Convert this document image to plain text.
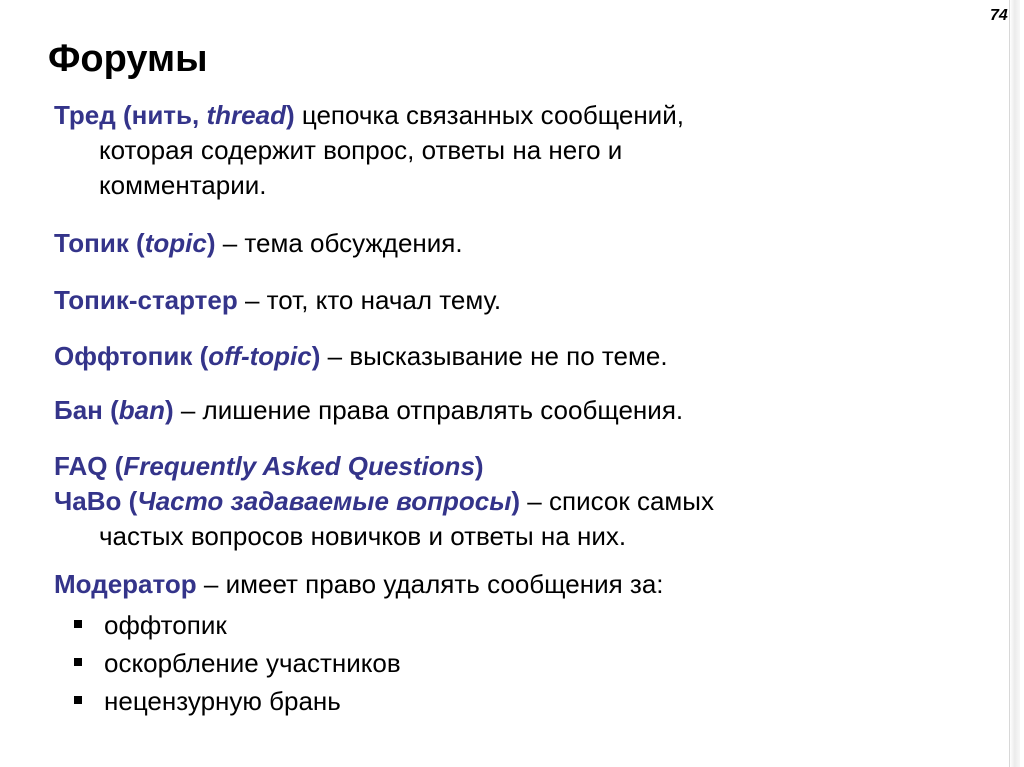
74
Форумы
Тред (нить, thread) цепочка связанных сообщений,
которая содержит вопрос, ответы на него и
комментарии.
Топик (topic) – тема обсуждения.
Топик-стартер – тот, кто начал тему.
Оффтопик (off-topic) – высказывание не по теме.
Бан (ban) – лишение права отправлять сообщения.
FAQ (Frequently Asked Questions)
ЧаВо (Часто задаваемые вопросы) – список самых
частых вопросов новичков и ответы на них.
Модератор – имеет право удалять сообщения за:
оффтопик
оскорбление участников
нецензурную брань
